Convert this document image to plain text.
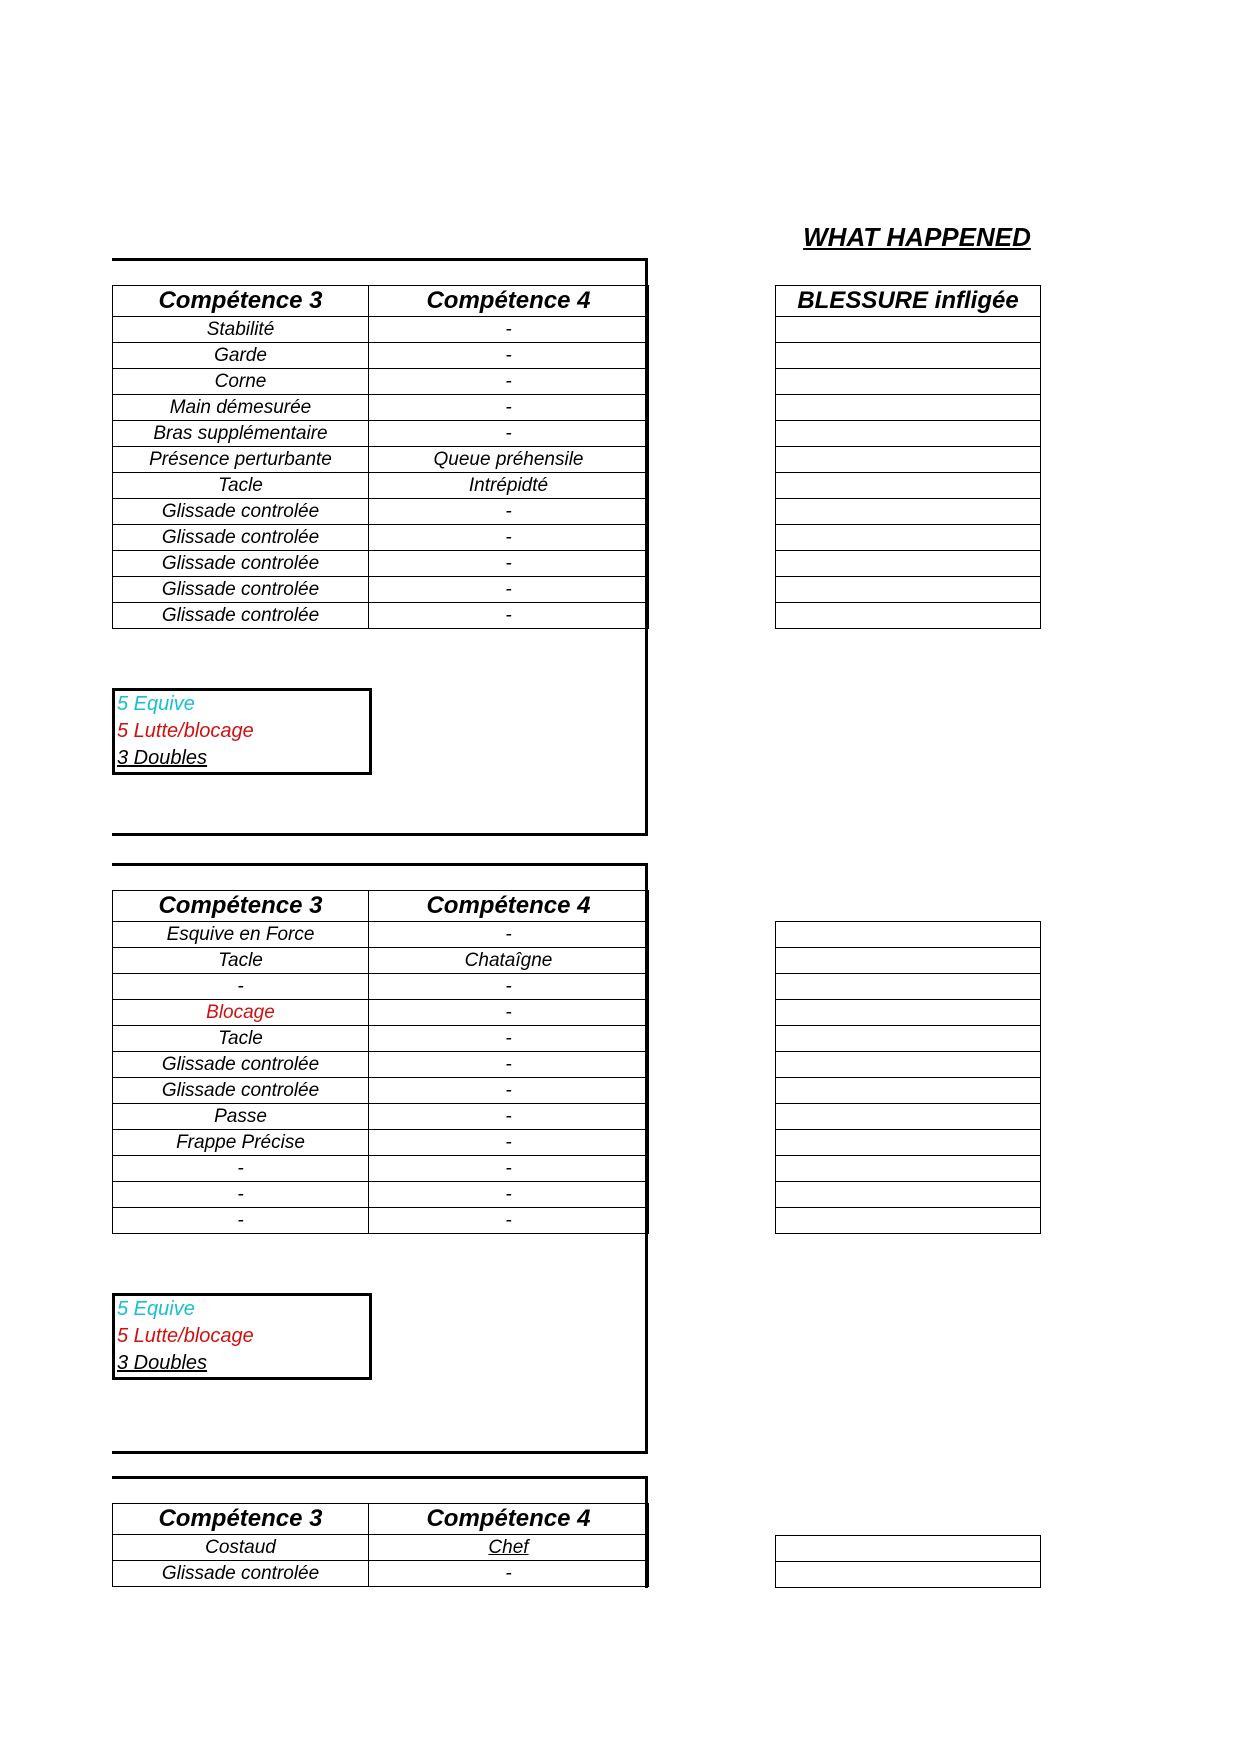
WHAT HAPPENED
Compétence 3	Compétence 4
Stabilité	-
Garde	-
Corne	-
Main démesurée	-
Bras supplémentaire	-
Présence perturbante	Queue préhensile
Tacle	Intrépidté
Glissade controlée	-
Glissade controlée	-
Glissade controlée	-
Glissade controlée	-
Glissade controlée	-
5 Equive
5 Lutte/blocage
3 Doubles
BLESSURE infligée

Compétence 3	Compétence 4
Esquive en Force	-
Tacle	Chataîgne
-	-
Blocage	-
Tacle	-
Glissade controlée	-
Glissade controlée	-
Passe	-
Frappe Précise	-
-	-
-	-
-	-
5 Equive
5 Lutte/blocage
3 Doubles

Compétence 3	Compétence 4
Costaud	Chef
Glissade controlée	-
